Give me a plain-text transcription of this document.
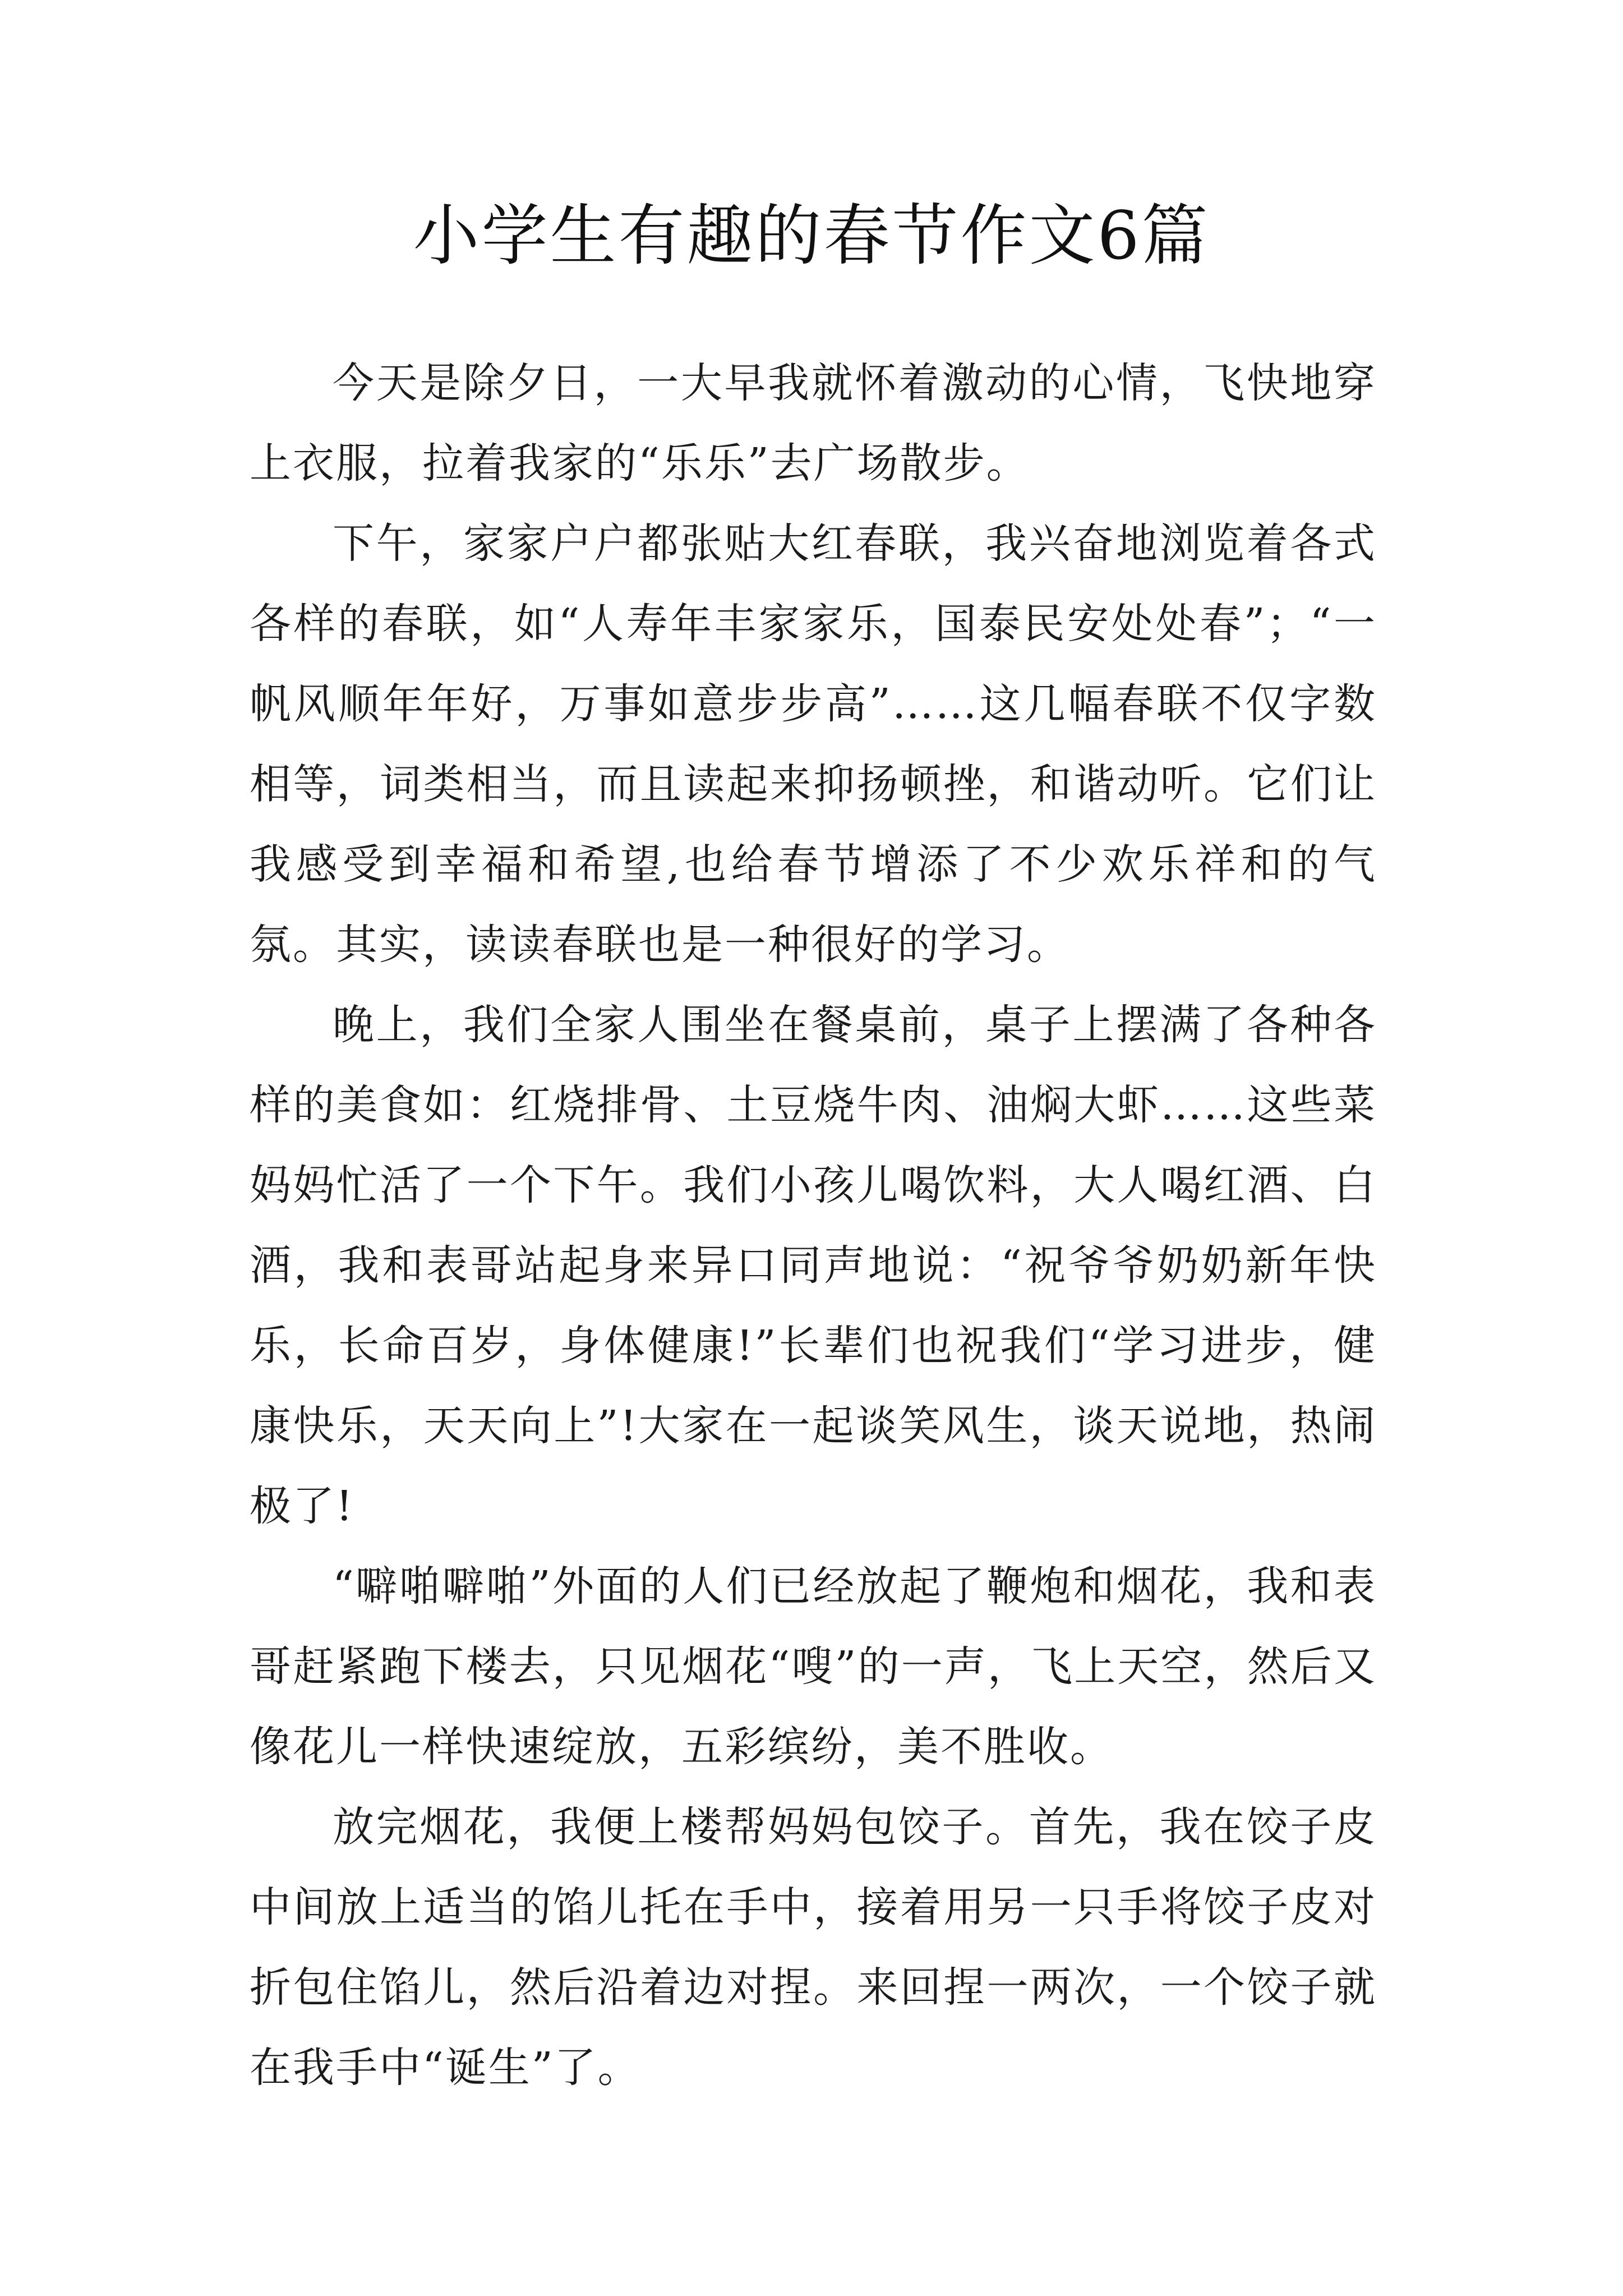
小学生有趣的春节作文6篇

今天是除夕日，一大早我就怀着激动的心情，飞快地穿上衣服，拉着我家的“乐乐”去广场散步。

下午，家家户户都张贴大红春联，我兴奋地浏览着各式各样的春联，如“人寿年丰家家乐，国泰民安处处春”；“一帆风顺年年好，万事如意步步高”……这几幅春联不仅字数相等，词类相当，而且读起来抑扬顿挫，和谐动听。它们让我感受到幸福和希望,也给春节增添了不少欢乐祥和的气氛。其实，读读春联也是一种很好的学习。

晚上，我们全家人围坐在餐桌前，桌子上摆满了各种各样的美食如：红烧排骨、土豆烧牛肉、油焖大虾……这些菜妈妈忙活了一个下午。我们小孩儿喝饮料，大人喝红酒、白酒，我和表哥站起身来异口同声地说：“祝爷爷奶奶新年快乐，长命百岁，身体健康!”长辈们也祝我们“学习进步，健康快乐，天天向上”!大家在一起谈笑风生，谈天说地，热闹极了!

“噼啪噼啪”外面的人们已经放起了鞭炮和烟花，我和表哥赶紧跑下楼去，只见烟花“嗖”的一声，飞上天空，然后又像花儿一样快速绽放，五彩缤纷，美不胜收。

放完烟花，我便上楼帮妈妈包饺子。首先，我在饺子皮中间放上适当的馅儿托在手中，接着用另一只手将饺子皮对折包住馅儿，然后沿着边对捏。来回捏一两次，一个饺子就在我手中“诞生”了。
